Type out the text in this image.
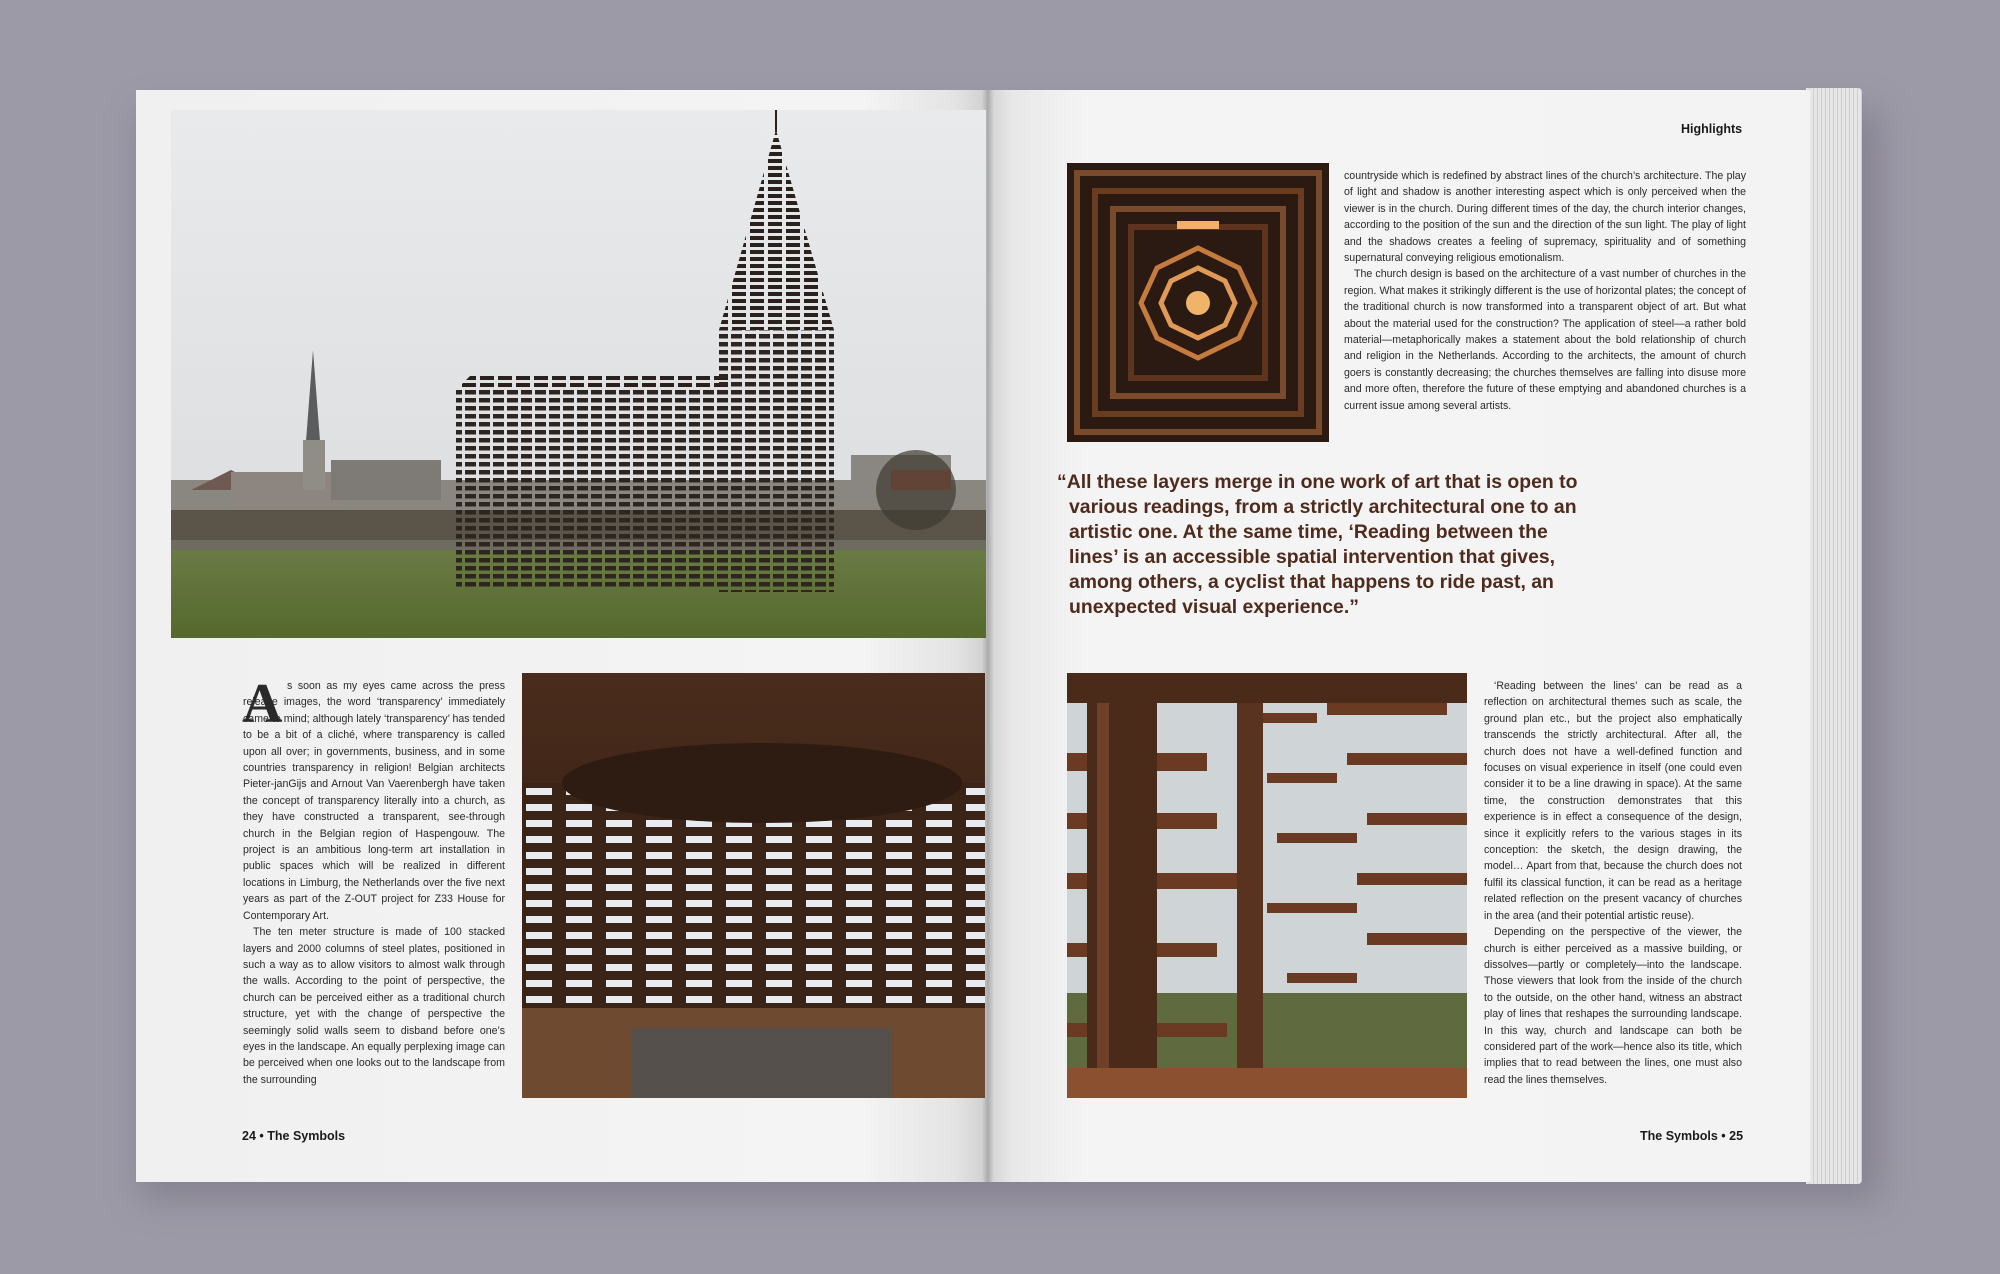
A s soon as my eyes came across the press release images, the word ‘transparency’ immediately came to mind; although lately ‘transparency’ has tended to be a bit of a cliché, where transparency is called upon all over; in governments, business, and in some countries transparency in religion! Belgian architects Pieter-janGijs and Arnout Van Vaerenbergh have taken the concept of transparency literally into a church, as they have constructed a transparent, see-through church in the Belgian region of Haspengouw. The project is an ambitious long-term art installation in public spaces which will be realized in different locations in Limburg, the Netherlands over the five next years as part of the Z-OUT project for Z33 House for Contemporary Art.

The ten meter structure is made of 100 stacked layers and 2000 columns of steel plates, positioned in such a way as to allow visitors to almost walk through the walls. According to the point of perspective, the church can be perceived either as a traditional church structure, yet with the change of perspective the seemingly solid walls seem to disband before one’s eyes in the landscape. An equally perplexing image can be perceived when one looks out to the landscape from the surrounding

Highlights

countryside which is redefined by abstract lines of the church’s architecture. The play of light and shadow is another interesting aspect which is only perceived when the viewer is in the church. During different times of the day, the church interior changes, according to the position of the sun and the direction of the sun light. The play of light and the shadows creates a feeling of supremacy, spirituality and of something supernatural conveying religious emotionalism.

The church design is based on the architecture of a vast number of churches in the region. What makes it strikingly different is the use of horizontal plates; the concept of the traditional church is now transformed into a transparent object of art. But what about the material used for the construction? The application of steel—a rather bold material—metaphorically makes a statement about the bold relationship of church and religion in the Netherlands. According to the architects, the amount of church goers is constantly decreasing; the churches themselves are falling into disuse more and more often, therefore the future of these emptying and abandoned churches is a current issue among several artists.

“All these layers merge in one work of art that is open to various readings, from a strictly architectural one to an artistic one. At the same time, ‘Reading between the lines’ is an accessible spatial intervention that gives, among others, a cyclist that happens to ride past, an unexpected visual experience.”

‘Reading between the lines’ can be read as a reflection on architectural themes such as scale, the ground plan etc., but the project also emphatically transcends the strictly architectural. After all, the church does not have a well-defined function and focuses on visual experience in itself (one could even consider it to be a line drawing in space). At the same time, the construction demonstrates that this experience is in effect a consequence of the design, since it explicitly refers to the various stages in its conception: the sketch, the design drawing, the model… Apart from that, because the church does not fulfil its classical function, it can be read as a heritage related reflection on the present vacancy of churches in the area (and their potential artistic reuse).

Depending on the perspective of the viewer, the church is either perceived as a massive building, or dissolves—partly or completely—into the landscape. Those viewers that look from the inside of the church to the outside, on the other hand, witness an abstract play of lines that reshapes the surrounding landscape. In this way, church and landscape can both be considered part of the work—hence also its title, which implies that to read between the lines, one must also read the lines themselves.

24 • The Symbols	The Symbols • 25
